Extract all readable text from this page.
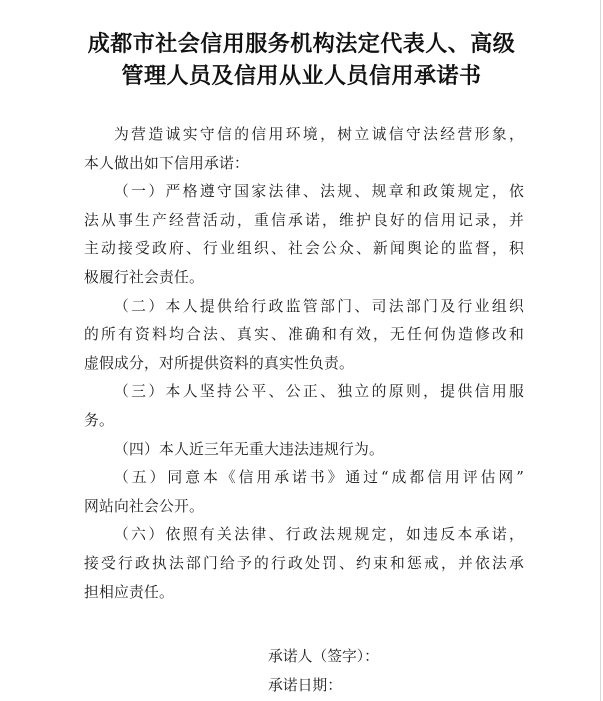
成都市社会信用服务机构法定代表人、高级
管理人员及信用从业人员信用承诺书
为营造诚实守信的信用环境，树立诚信守法经营形象，
本人做出如下信用承诺：
（一）严格遵守国家法律、法规、规章和政策规定，依
法从事生产经营活动，重信承诺，维护良好的信用记录，并
主动接受政府、行业组织、社会公众、新闻舆论的监督，积
极履行社会责任。
（二）本人提供给行政监管部门、司法部门及行业组织
的所有资料均合法、真实、准确和有效，无任何伪造修改和
虚假成分，对所提供资料的真实性负责。
（三）本人坚持公平、公正、独立的原则，提供信用服
务。
（四）本人近三年无重大违法违规行为。
（五）同意本《信用承诺书》通过“成都信用评估网”
网站向社会公开。
（六）依照有关法律、行政法规规定，如违反本承诺，
接受行政执法部门给予的行政处罚、约束和惩戒，并依法承
担相应责任。
承诺人（签字）：
承诺日期：
